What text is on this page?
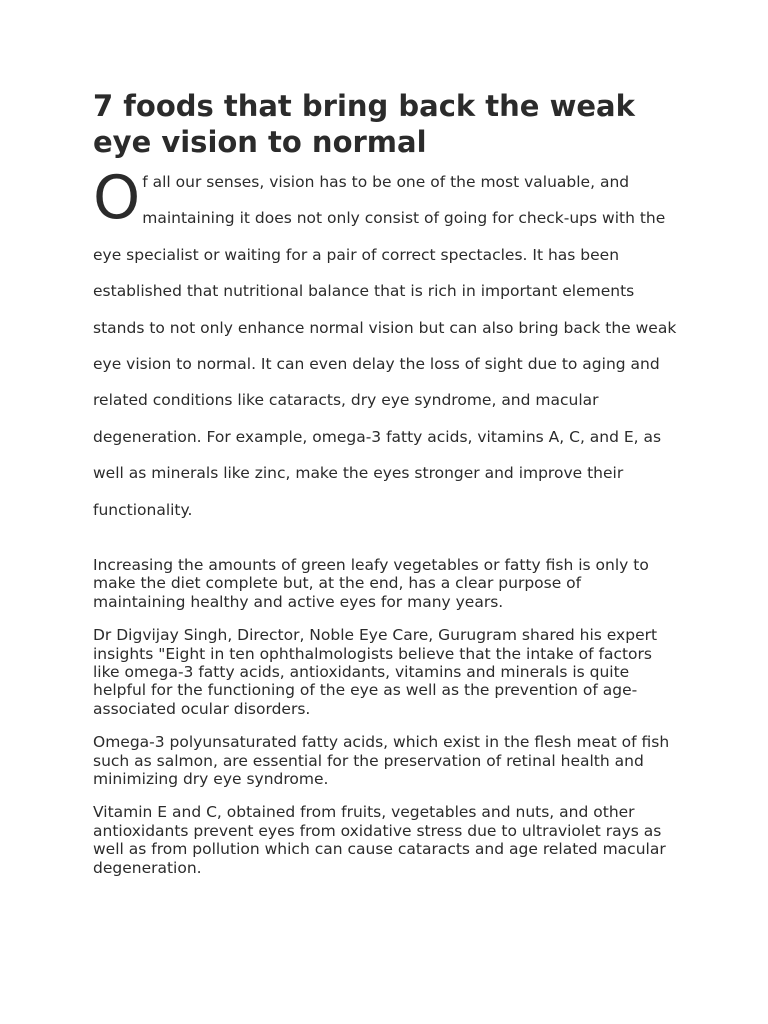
7 foods that bring back the weak eye vision to normal

Of all our senses, vision has to be one of the most valuable, and maintaining it does not only consist of going for check-ups with the eye specialist or waiting for a pair of correct spectacles. It has been established that nutritional balance that is rich in important elements stands to not only enhance normal vision but can also bring back the weak eye vision to normal. It can even delay the loss of sight due to aging and related conditions like cataracts, dry eye syndrome, and macular degeneration. For example, omega-3 fatty acids, vitamins A, C, and E, as well as minerals like zinc, make the eyes stronger and improve their functionality.

Increasing the amounts of green leafy vegetables or fatty fish is only to make the diet complete but, at the end, has a clear purpose of maintaining healthy and active eyes for many years.

Dr Digvijay Singh, Director, Noble Eye Care, Gurugram shared his expert insights "Eight in ten ophthalmologists believe that the intake of factors like omega-3 fatty acids, antioxidants, vitamins and minerals is quite helpful for the functioning of the eye as well as the prevention of age-associated ocular disorders.

Omega-3 polyunsaturated fatty acids, which exist in the flesh meat of fish such as salmon, are essential for the preservation of retinal health and minimizing dry eye syndrome.

Vitamin E and C, obtained from fruits, vegetables and nuts, and other antioxidants prevent eyes from oxidative stress due to ultraviolet rays as well as from pollution which can cause cataracts and age related macular degeneration.
